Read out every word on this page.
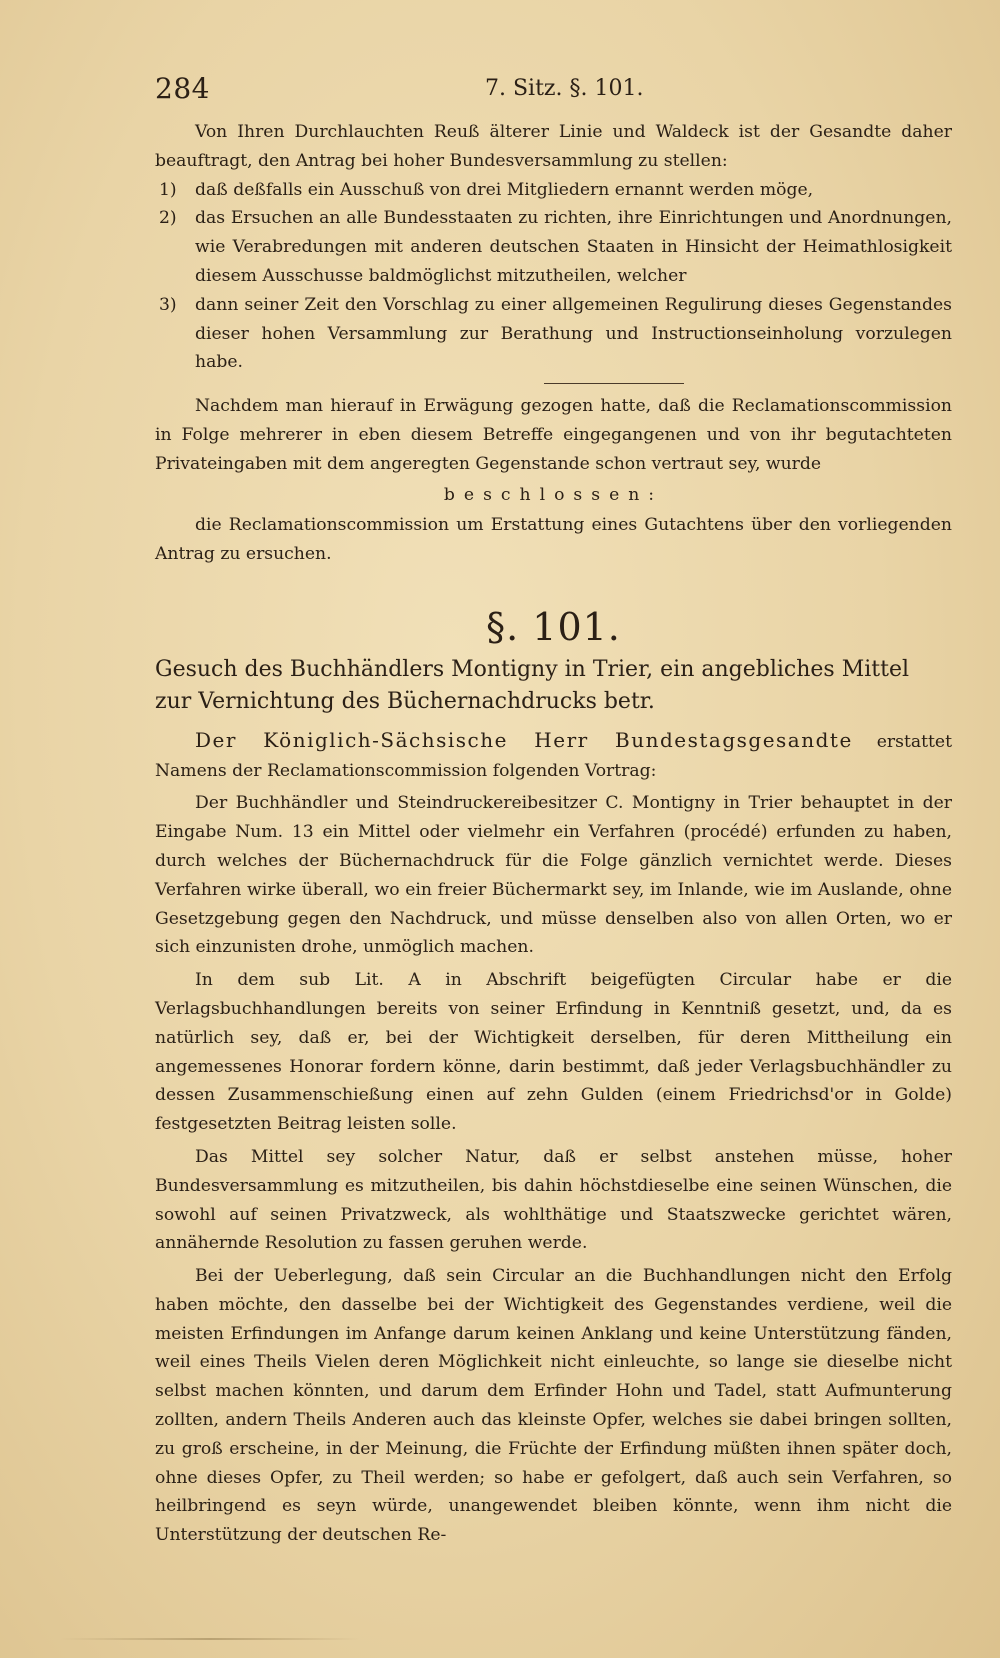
284	7. Sitz. §. 101.

Von Ihren Durchlauchten Reuß älterer Linie und Waldeck ist der Gesandte daher beauftragt, den Antrag bei hoher Bundesversammlung zu stellen:

1)	daß deßfalls ein Ausschuß von drei Mitgliedern ernannt werden möge,
2)	das Ersuchen an alle Bundesstaaten zu richten, ihre Einrichtungen und Anordnungen, wie Verabredungen mit anderen deutschen Staaten in Hinsicht der Heimathlosigkeit diesem Ausschusse baldmöglichst mitzutheilen, welcher
3)	dann seiner Zeit den Vorschlag zu einer allgemeinen Regulirung dieses Gegenstandes dieser hohen Versammlung zur Berathung und Instructionseinholung vorzulegen habe.

Nachdem man hierauf in Erwägung gezogen hatte, daß die Reclamationscommission in Folge mehrerer in eben diesem Betreffe eingegangenen und von ihr begutachteten Privateingaben mit dem angeregten Gegenstande schon vertraut sey, wurde

beschlossen:

die Reclamationscommission um Erstattung eines Gutachtens über den vorliegenden Antrag zu ersuchen.

§. 101.

Gesuch des Buchhändlers Montigny in Trier, ein angebliches Mittel zur Vernichtung des Büchernachdrucks betr.

Der Königlich-Sächsische Herr Bundestagsgesandte erstattet Namens der Reclamationscommission folgenden Vortrag:

Der Buchhändler und Steindruckereibesitzer C. Montigny in Trier behauptet in der Eingabe Num. 13 ein Mittel oder vielmehr ein Verfahren (procédé) erfunden zu haben, durch welches der Büchernachdruck für die Folge gänzlich vernichtet werde. Dieses Verfahren wirke überall, wo ein freier Büchermarkt sey, im Inlande, wie im Auslande, ohne Gesetzgebung gegen den Nachdruck, und müsse denselben also von allen Orten, wo er sich einzunisten drohe, unmöglich machen.

In dem sub Lit. A in Abschrift beigefügten Circular habe er die Verlagsbuchhandlungen bereits von seiner Erfindung in Kenntniß gesetzt, und, da es natürlich sey, daß er, bei der Wichtigkeit derselben, für deren Mittheilung ein angemessenes Honorar fordern könne, darin bestimmt, daß jeder Verlagsbuchhändler zu dessen Zusammenschießung einen auf zehn Gulden (einem Friedrichsd'or in Golde) festgesetzten Beitrag leisten solle.

Das Mittel sey solcher Natur, daß er selbst anstehen müsse, hoher Bundesversammlung es mitzutheilen, bis dahin höchstdieselbe eine seinen Wünschen, die sowohl auf seinen Privatzweck, als wohlthätige und Staatszwecke gerichtet wären, annähernde Resolution zu fassen geruhen werde.

Bei der Ueberlegung, daß sein Circular an die Buchhandlungen nicht den Erfolg haben möchte, den dasselbe bei der Wichtigkeit des Gegenstandes verdiene, weil die meisten Erfindungen im Anfange darum keinen Anklang und keine Unterstützung fänden, weil eines Theils Vielen deren Möglichkeit nicht einleuchte, so lange sie dieselbe nicht selbst machen könnten, und darum dem Erfinder Hohn und Tadel, statt Aufmunterung zollten, andern Theils Anderen auch das kleinste Opfer, welches sie dabei bringen sollten, zu groß erscheine, in der Meinung, die Früchte der Erfindung müßten ihnen später doch, ohne dieses Opfer, zu Theil werden; so habe er gefolgert, daß auch sein Verfahren, so heilbringend es seyn würde, unangewendet bleiben könnte, wenn ihm nicht die Unterstützung der deutschen Re-
